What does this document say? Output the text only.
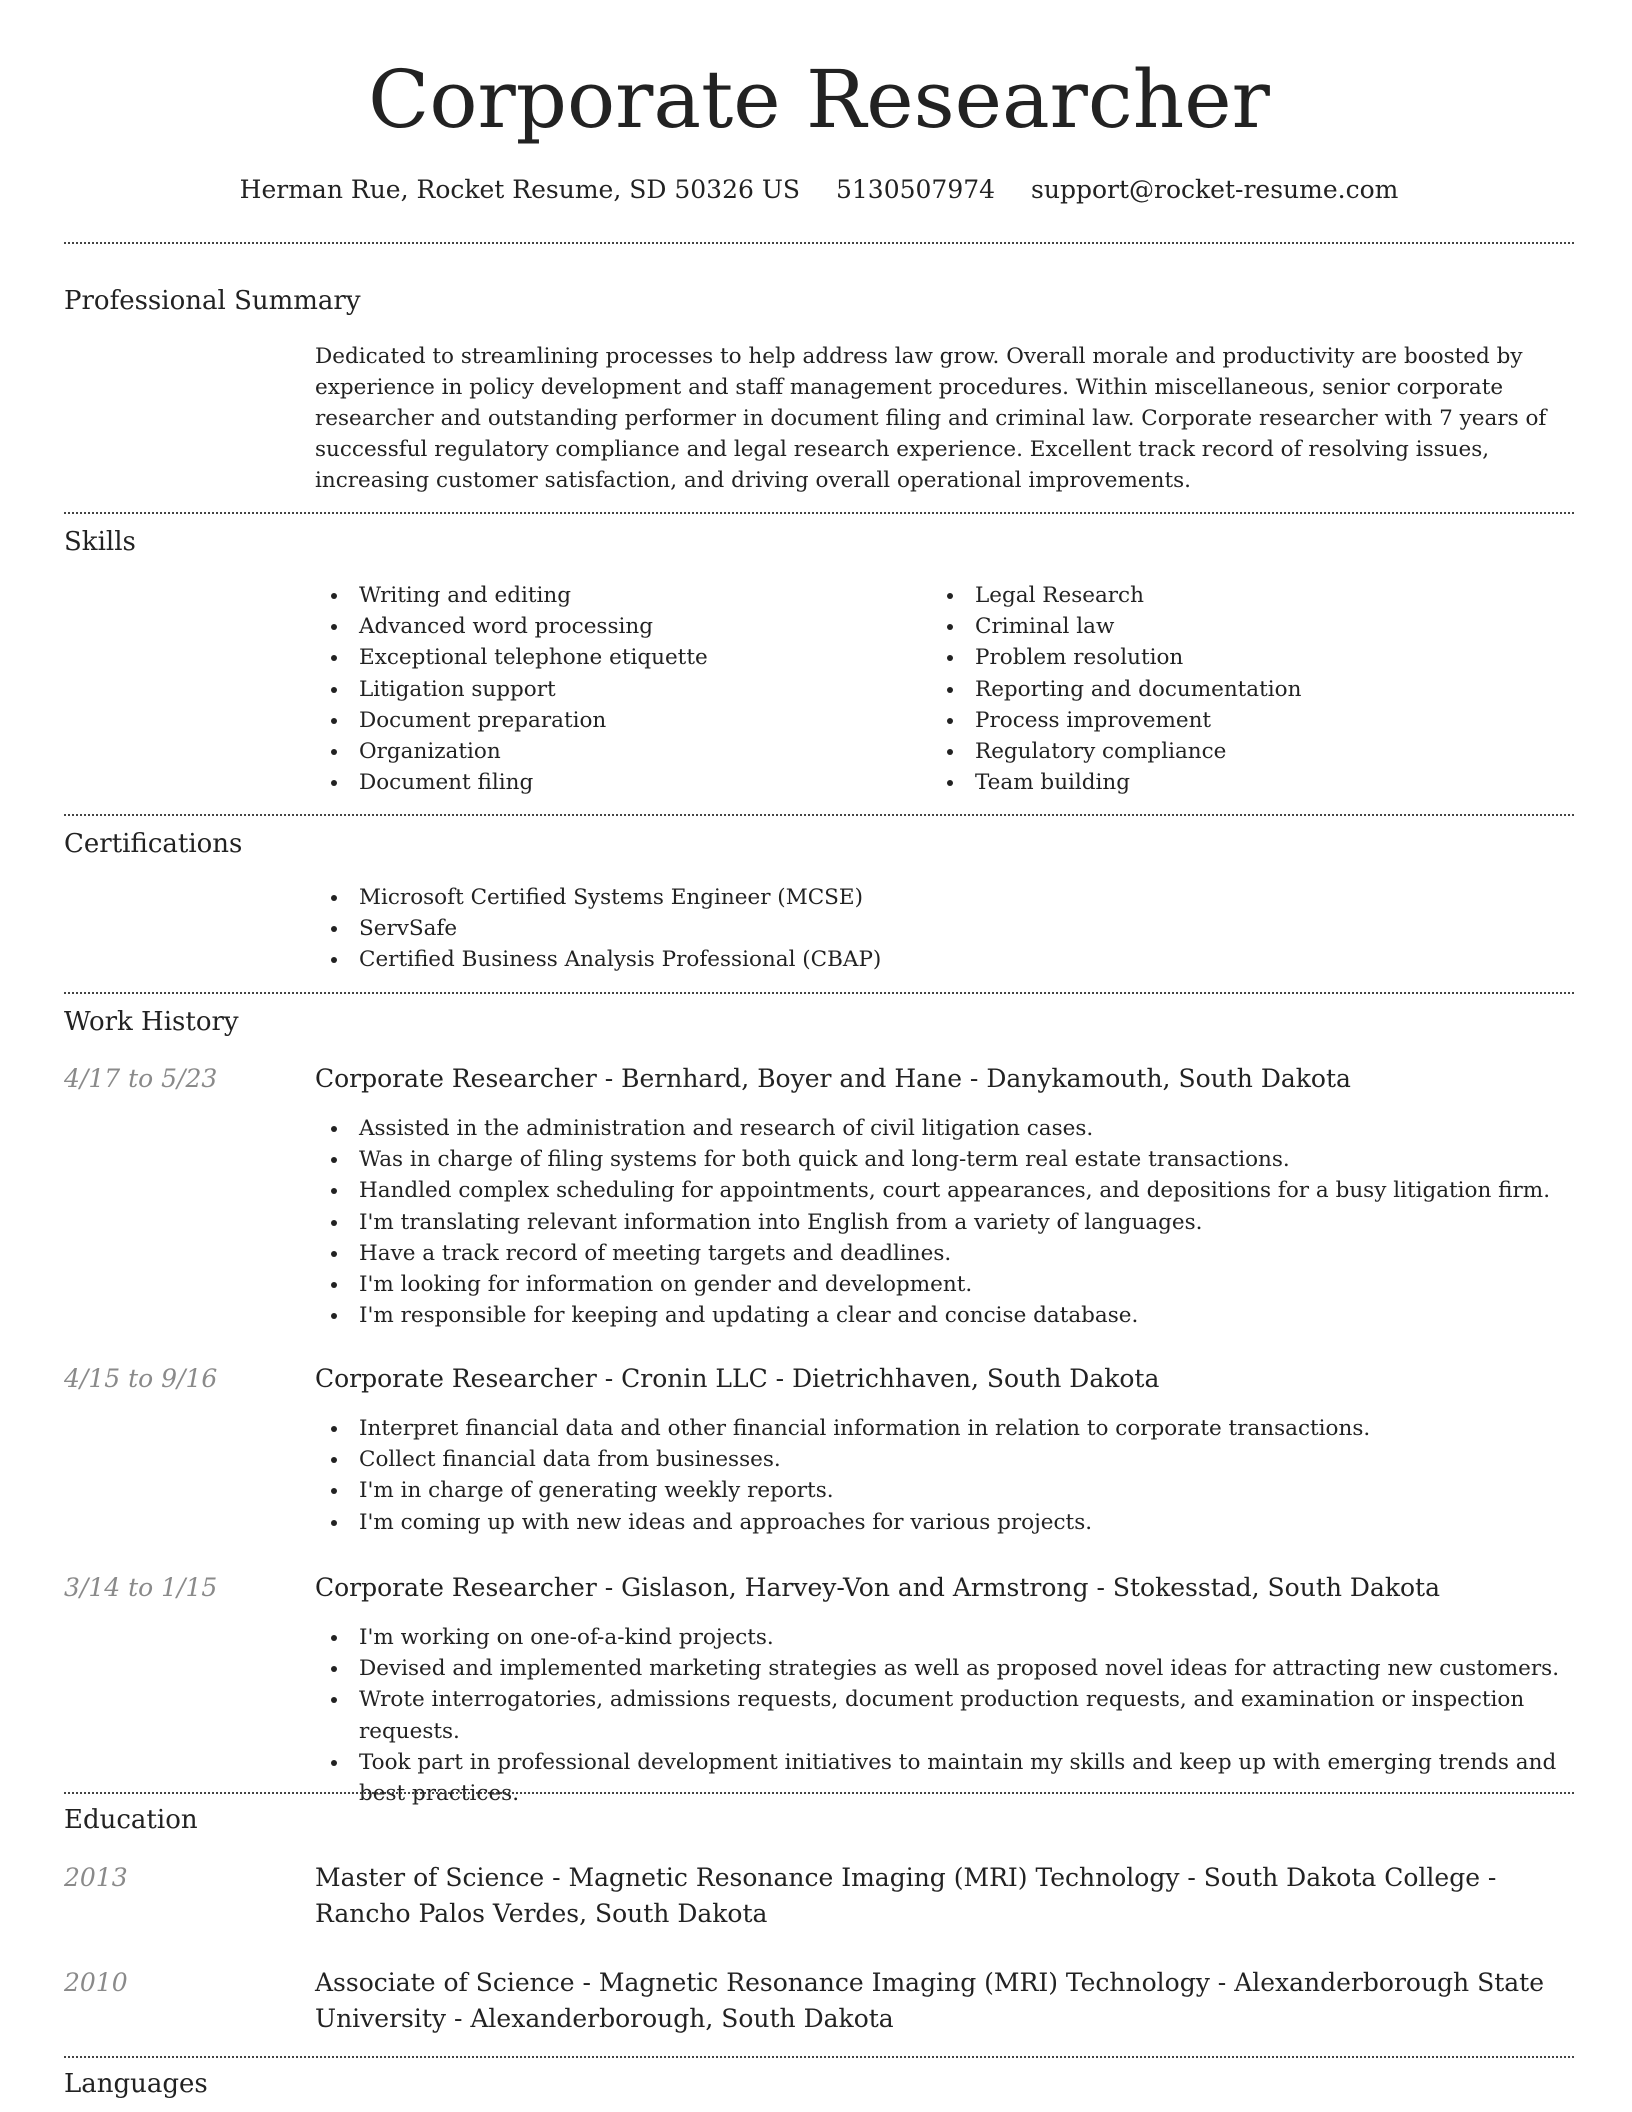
Corporate Researcher
Herman Rue, Rocket Resume, SD 50326 US 5130507974 support@rocket-resume.com
Professional Summary

Dedicated to streamlining processes to help address law grow. Overall morale and productivity are boosted by experience in policy development and staff management procedures. Within miscellaneous, senior corporate researcher and outstanding performer in document filing and criminal law. Corporate researcher with 7 years of successful regulatory compliance and legal research experience. Excellent track record of resolving issues, increasing customer satisfaction, and driving overall operational improvements.

Skills
Writing and editing
Advanced word processing
Exceptional telephone etiquette
Litigation support
Document preparation
Organization
Document filing
Legal Research
Criminal law
Problem resolution
Reporting and documentation
Process improvement
Regulatory compliance
Team building
Certifications
Microsoft Certified Systems Engineer (MCSE)
ServSafe
Certified Business Analysis Professional (CBAP)
Work History
4/17 to 5/23	Corporate Researcher - Bernhard, Boyer and Hane - Danykamouth, South Dakota
Assisted in the administration and research of civil litigation cases.
Was in charge of filing systems for both quick and long-term real estate transactions.
Handled complex scheduling for appointments, court appearances, and depositions for a busy litigation firm.
I'm translating relevant information into English from a variety of languages.
Have a track record of meeting targets and deadlines.
I'm looking for information on gender and development.
I'm responsible for keeping and updating a clear and concise database.
4/15 to 9/16	Corporate Researcher - Cronin LLC - Dietrichhaven, South Dakota
Interpret financial data and other financial information in relation to corporate transactions.
Collect financial data from businesses.
I'm in charge of generating weekly reports.
I'm coming up with new ideas and approaches for various projects.
3/14 to 1/15	Corporate Researcher - Gislason, Harvey-Von and Armstrong - Stokesstad, South Dakota
I'm working on one-of-a-kind projects.
Devised and implemented marketing strategies as well as proposed novel ideas for attracting new customers.
Wrote interrogatories, admissions requests, document production requests, and examination or inspection requests.
Took part in professional development initiatives to maintain my skills and keep up with emerging trends and best practices.
Education
2013	Master of Science - Magnetic Resonance Imaging (MRI) Technology - South Dakota College - Rancho Palos Verdes, South Dakota
2010	Associate of Science - Magnetic Resonance Imaging (MRI) Technology - Alexanderborough State University - Alexanderborough, South Dakota
Languages
